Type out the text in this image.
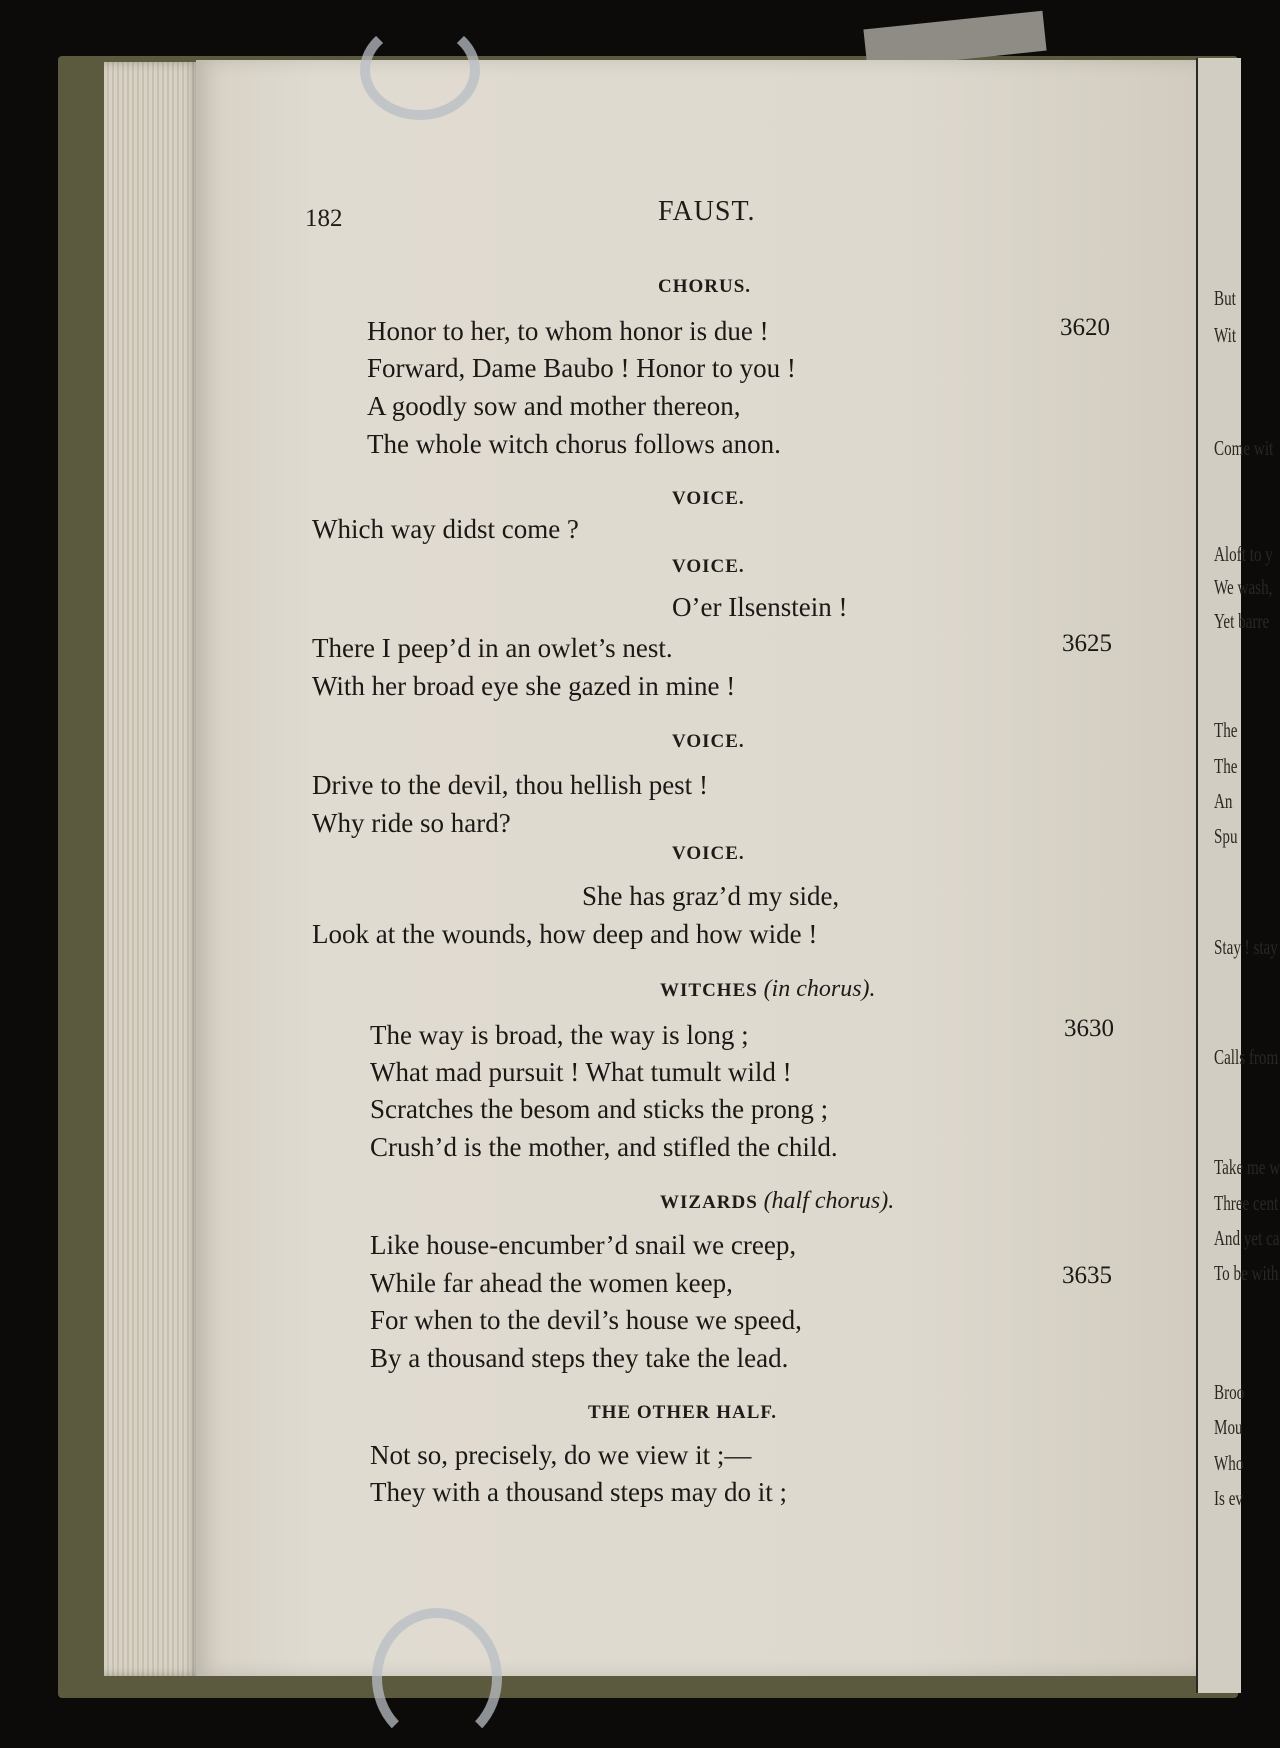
But
Wit
Come wit
Aloft to y
We wash,
Yet barre
The
The
An
Spu
Stay ! stay
Calls from
Take me w
Three cent
And yet ca
To be with
Broo
Mou
Who
Is ev
182	FAUST.
CHORUS.
Honor to her, to whom honor is due !	3620
Forward, Dame Baubo ! Honor to you !
A goodly sow and mother thereon,
The whole witch chorus follows anon.
VOICE.
Which way didst come ?
VOICE.
O’er Ilsenstein !
There I peep’d in an owlet’s nest.	3625
With her broad eye she gazed in mine !
VOICE.
Drive to the devil, thou hellish pest !
Why ride so hard?
VOICE.
She has graz’d my side,
Look at the wounds, how deep and how wide !
WITCHES (in chorus).
The way is broad, the way is long ;	3630
What mad pursuit ! What tumult wild !
Scratches the besom and sticks the prong ;
Crush’d is the mother, and stifled the child.
WIZARDS (half chorus).
Like house-encumber’d snail we creep,
While far ahead the women keep,	3635
For when to the devil’s house we speed,
By a thousand steps they take the lead.
THE OTHER HALF.
Not so, precisely, do we view it ;—
They with a thousand steps may do it ;
